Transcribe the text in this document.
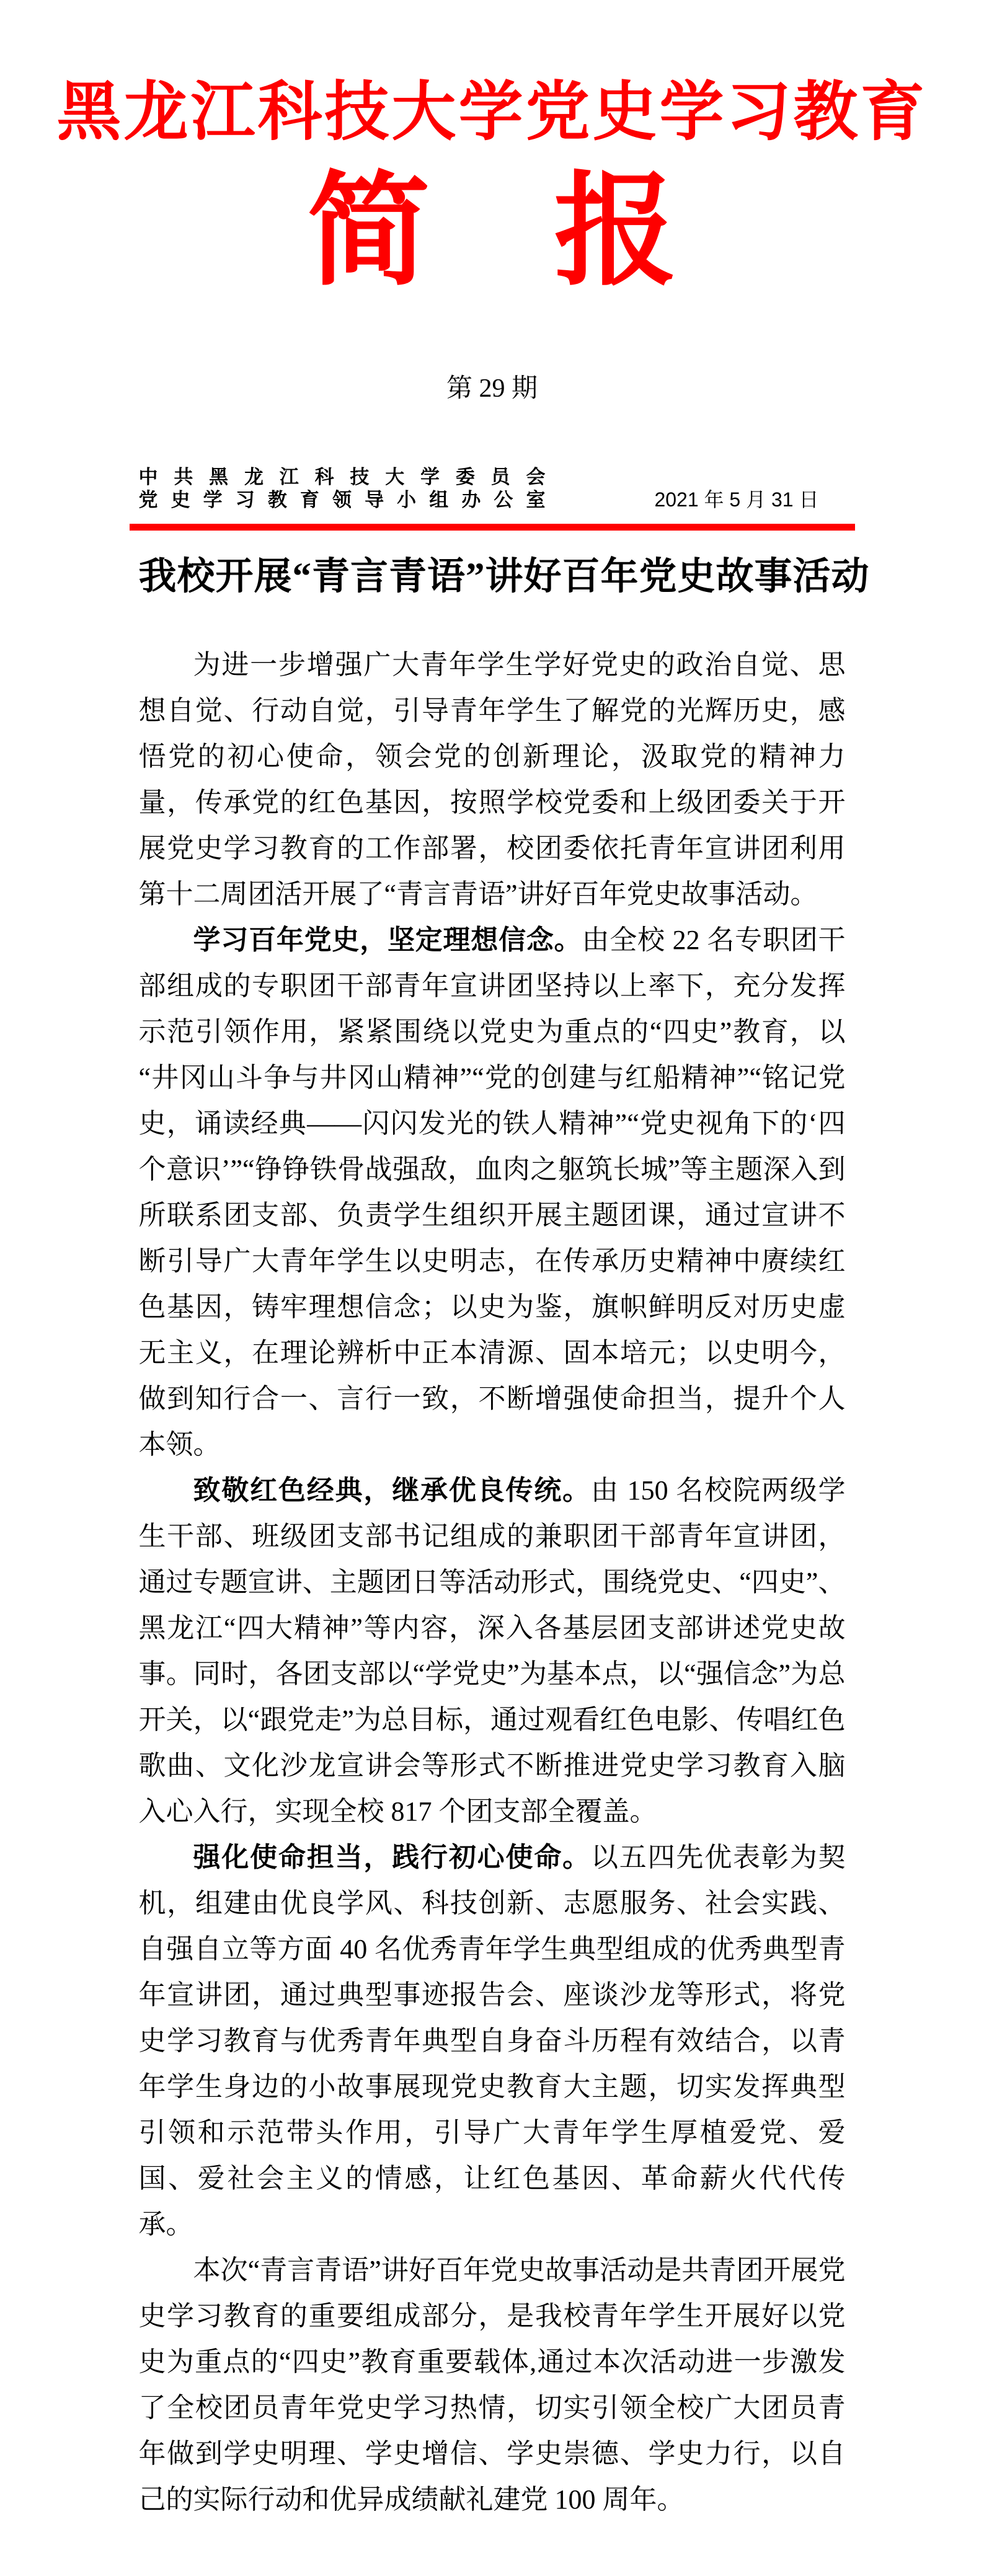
黑龙江科技大学党史学习教育
简 报
第 29 期
中共黑龙江科技大学委员会
党史学习教育领导小组办公室	2021 年 5 月 31 日
我校开展“青言青语”讲好百年党史故事活动

为进一步增强广大青年学生学好党史的政治自觉、思想自觉、行动自觉，引导青年学生了解党的光辉历史，感悟党的初心使命，领会党的创新理论，汲取党的精神力量，传承党的红色基因，按照学校党委和上级团委关于开展党史学习教育的工作部署，校团委依托青年宣讲团利用第十二周团活开展了“青言青语”讲好百年党史故事活动。

学习百年党史，坚定理想信念。由全校 22 名专职团干部组成的专职团干部青年宣讲团坚持以上率下，充分发挥示范引领作用，紧紧围绕以党史为重点的“四史”教育，以“井冈山斗争与井冈山精神”“党的创建与红船精神”“铭记党史，诵读经典——闪闪发光的铁人精神”“党史视角下的‘四个意识’”“铮铮铁骨战强敌，血肉之躯筑长城”等主题深入到所联系团支部、负责学生组织开展主题团课，通过宣讲不断引导广大青年学生以史明志，在传承历史精神中赓续红色基因，铸牢理想信念；以史为鉴，旗帜鲜明反对历史虚无主义，在理论辨析中正本清源、固本培元；以史明今，做到知行合一、言行一致，不断增强使命担当，提升个人本领。

致敬红色经典，继承优良传统。由 150 名校院两级学生干部、班级团支部书记组成的兼职团干部青年宣讲团，通过专题宣讲、主题团日等活动形式，围绕党史、“四史”、黑龙江“四大精神”等内容，深入各基层团支部讲述党史故事。同时，各团支部以“学党史”为基本点，以“强信念”为总开关，以“跟党走”为总目标，通过观看红色电影、传唱红色歌曲、文化沙龙宣讲会等形式不断推进党史学习教育入脑入心入行，实现全校 817 个团支部全覆盖。

强化使命担当，践行初心使命。以五四先优表彰为契机，组建由优良学风、科技创新、志愿服务、社会实践、自强自立等方面 40 名优秀青年学生典型组成的优秀典型青年宣讲团，通过典型事迹报告会、座谈沙龙等形式，将党史学习教育与优秀青年典型自身奋斗历程有效结合，以青年学生身边的小故事展现党史教育大主题，切实发挥典型引领和示范带头作用，引导广大青年学生厚植爱党、爱国、爱社会主义的情感，让红色基因、革命薪火代代传承。

本次“青言青语”讲好百年党史故事活动是共青团开展党史学习教育的重要组成部分，是我校青年学生开展好以党史为重点的“四史”教育重要载体,通过本次活动进一步激发了全校团员青年党史学习热情，切实引领全校广大团员青年做到学史明理、学史增信、学史崇德、学史力行，以自己的实际行动和优异成绩献礼建党 100 周年。
